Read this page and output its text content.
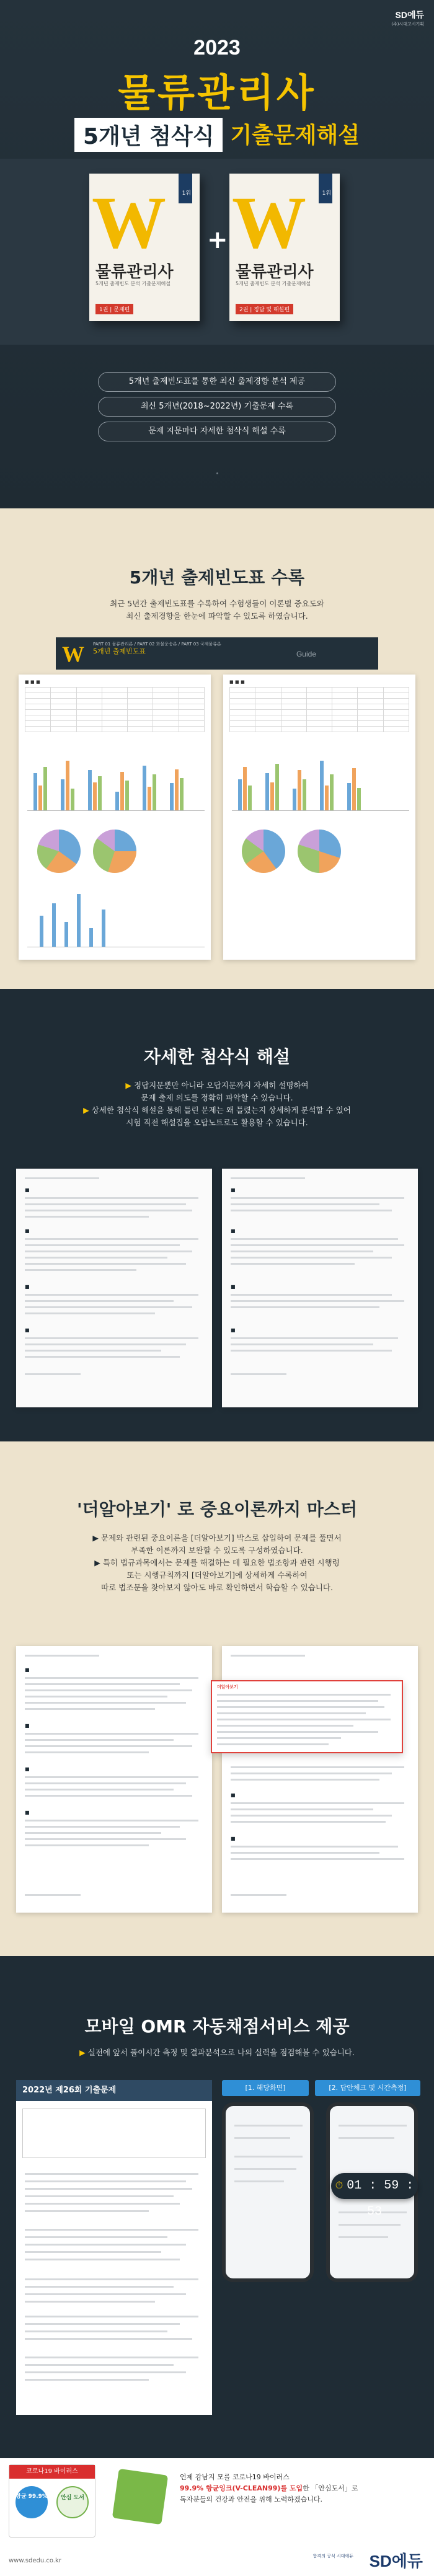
SD에듀
(주)시대고시기획
2023
물류관리사
5개년 첨삭식 기출문제해설
W	1위
물류관리사
5개년 출제빈도 분석 기출문제해설
1권 | 문제편
+ W	1위
물류관리사
5개년 출제빈도 분석 기출문제해설
2권 | 정답 및 해설편
5개년 출제빈도표를 통한 최신 출제경향 분석 제공
최신 5개년(2018~2022년) 기출문제 수록
문제 지문마다 자세한 첨삭식 해설 수록
5개년 출제빈도표 수록
최근 5년간 출제빈도표를 수록하여 수험생들이 이론별 중요도와
최신 출제경향을 한눈에 파악할 수 있도록 하였습니다.
W PART 01 물류관리론 / PART 02 화물운송론 / PART 03 국제물류론
5개년 출제빈도표	Guide
■ ■ ■

							■ ■ ■

자세한 첨삭식 해설
▶ 정답지문뿐만 아니라 오답지문까지 자세히 설명하여
문제 출제 의도를 정확히 파악할 수 있습니다.
▶ 상세한 첨삭식 해설을 통해 틀린 문제는 왜 틀렸는지 상세하게 분석할 수 있어
시험 직전 해설집을 오답노트로도 활용할 수 있습니다.
■
■
■
■
■
■
■
■
'더알아보기' 로 중요이론까지 마스터
▶ 문제와 관련된 중요이론을 [더알아보기] 박스로 삽입하여 문제를 풀면서
부족한 이론까지 보완할 수 있도록 구성하였습니다.
▶ 특히 법규과목에서는 문제를 해결하는 데 필요한 법조항과 관련 시행령
또는 시행규칙까지 [더알아보기]에 상세하게 수록하여
따로 법조문을 찾아보지 않아도 바로 확인하면서 학습할 수 있습니다.
■
■
■
■
■
■
더알아보기
모바일 OMR 자동채점서비스 제공
▶ 실전에 앞서 풀이시간 측정 및 결과분석으로 나의 실력을 점검해볼 수 있습니다.
2022년 제26회 기출문제	[1. 해당화면]	[2. 답안체크 및 시간측정]
⏱ 01 : 59 : 53
코로나19 바이러스
항균 99.9%	안심 도서
언제 감남지 모를 코로나19 바이러스
99.9% 항균잉크(V-CLEAN99)를 도입한 「안심도서」로
독자분들의 건강과 안전을 위해 노력하겠습니다.
www.sdedu.co.kr
합격의 공식 시대에듀 SD에듀
